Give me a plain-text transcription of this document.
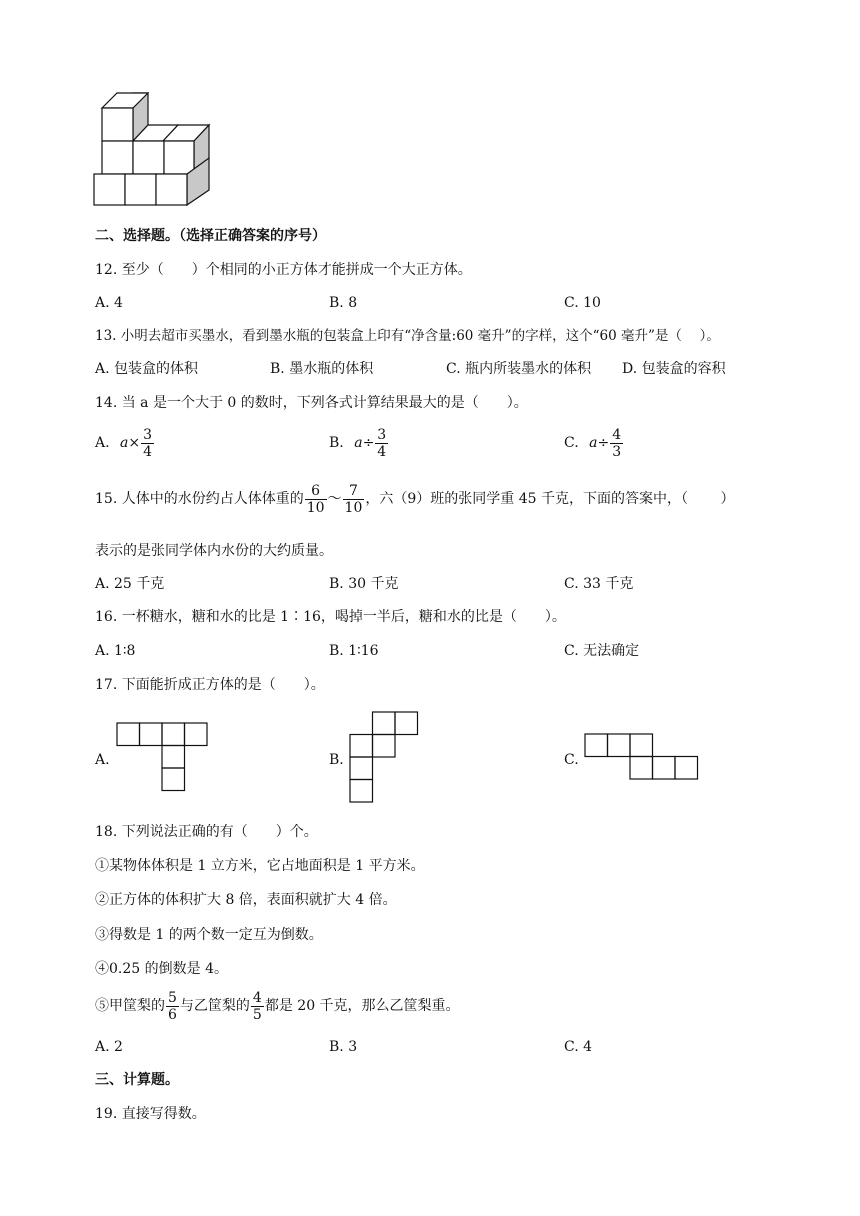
二、选择题。（选择正确答案的序号）
12. 至少（　　）个相同的小正方体才能拼成一个大正方体。
A. 4	B. 8	C. 10
13. 小明去超市买墨水，看到墨水瓶的包装盒上印有“净含量:60 毫升”的字样，这个“60 毫升”是（　 ）。
A. 包装盒的体积	B. 墨水瓶的体积	C. 瓶内所装墨水的体积 D. 包装盒的容积
14. 当 a 是一个大于 0 的数时，下列各式计算结果最大的是（　　）。
A. $a\times \frac{3}{4}$	B. $a\div \frac{3}{4}$	C. $a\div \frac{4}{3}$
15. 人体中的水份约占人体体重的 $\frac{6}{10}$ ～ $\frac{7}{10}$ ，六（9）班的张同学重 45 千克，下面的答案中，（　　 ）
表示的是张同学体内水份的大约质量。
A. 25 千克	B. 30 千克	C. 33 千克
16. 一杯糖水，糖和水的比是 1∶16，喝掉一半后，糖和水的比是（　　）。
A. 1∶8	B. 1∶16	C. 无法确定
17. 下面能折成正方体的是（　　）。
A.	B.	C.
18. 下列说法正确的有（　　）个。
①某物体体积是 1 立方米，它占地面积是 1 平方米。
②正方体的体积扩大 8 倍，表面积就扩大 4 倍。
③得数是 1 的两个数一定互为倒数。
④0.25 的倒数是 4。
⑤甲筐梨的 $\frac{5}{6}$ 与乙筐梨的 $\frac{4}{5}$ 都是 20 千克，那么乙筐梨重。
A. 2	B. 3	C. 4
三、计算题。
19. 直接写得数。
